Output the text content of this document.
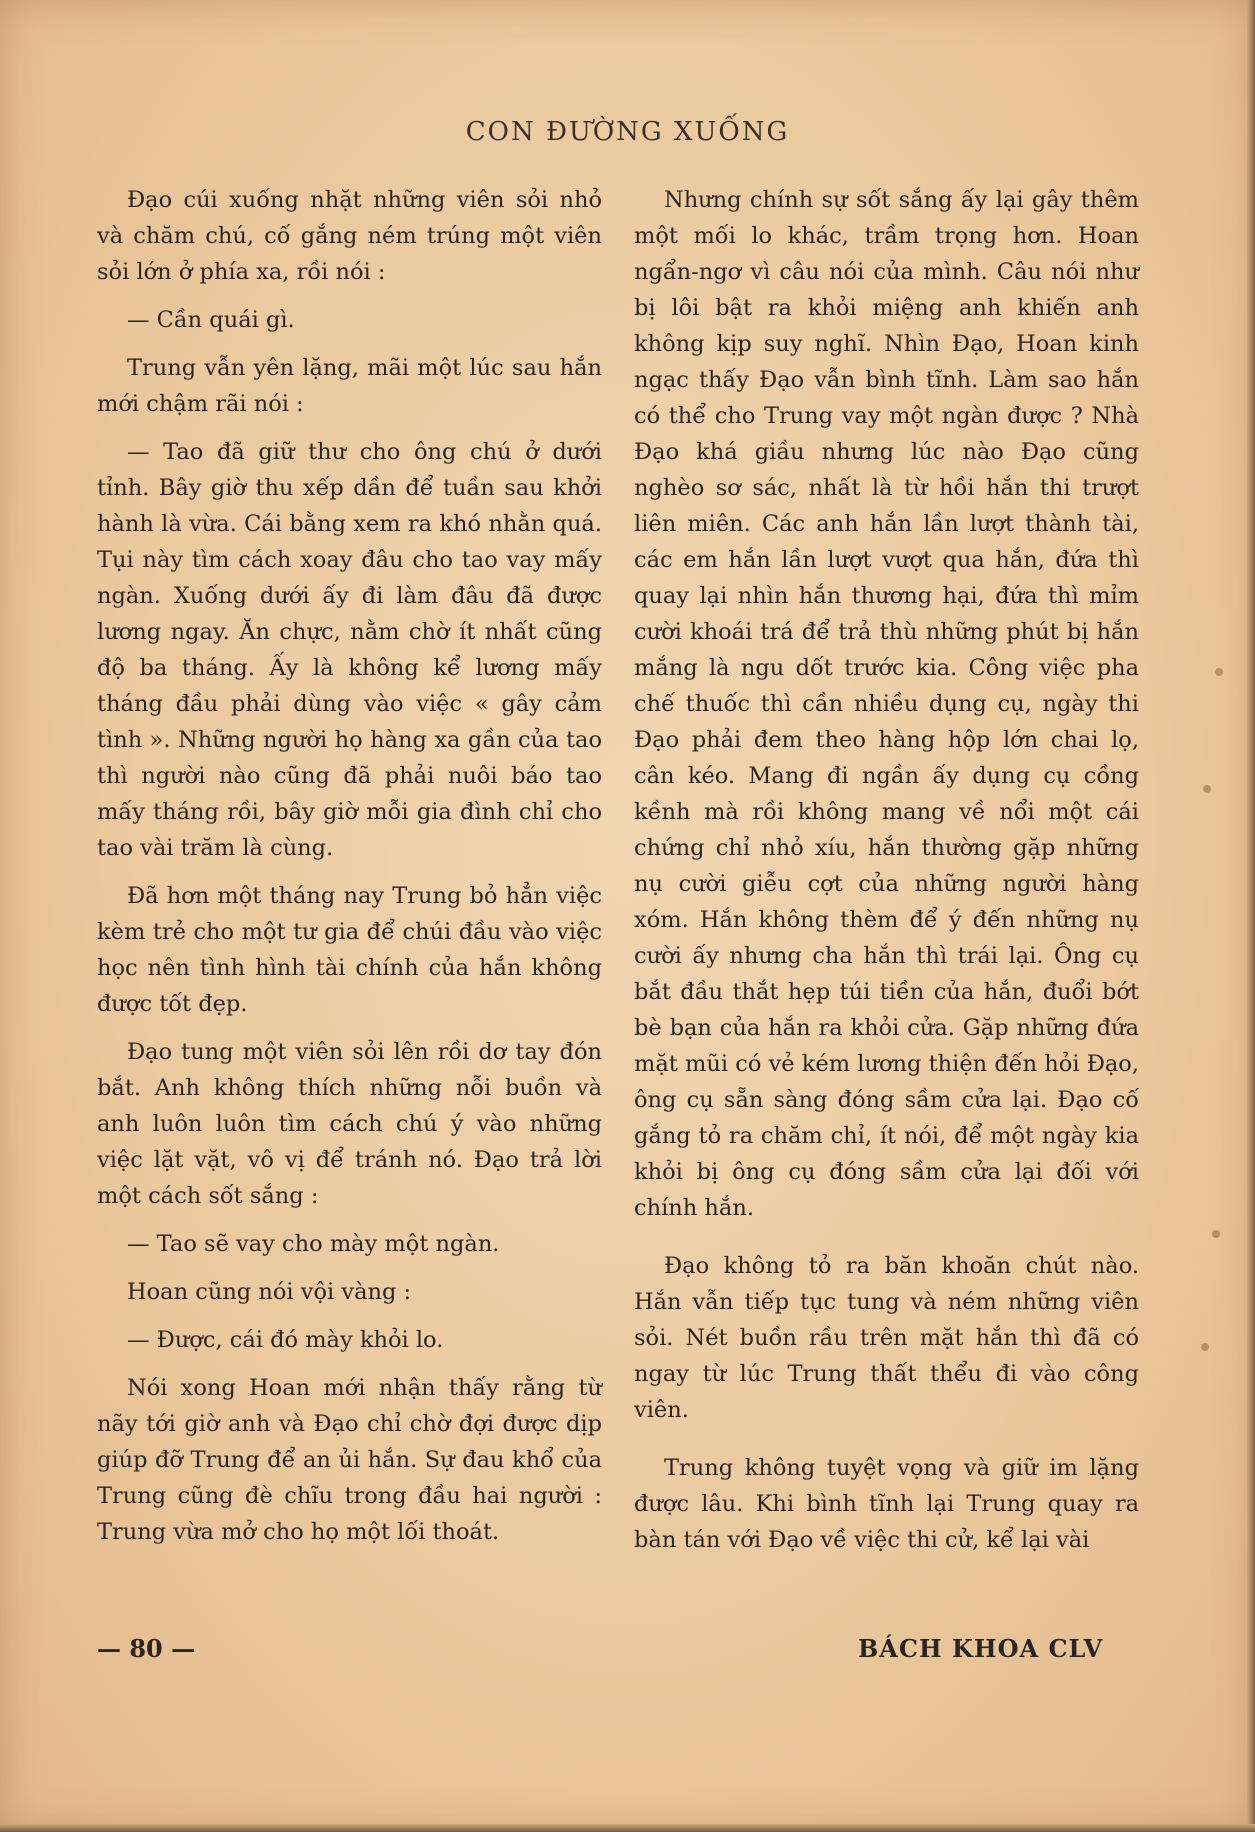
CON ĐƯỜNG XUỐNG

Đạo cúi xuống nhặt những viên sỏi nhỏ và chăm chú, cố gắng ném trúng một viên sỏi lớn ở phía xa, rồi nói :

— Cần quái gì.

Trung vẫn yên lặng, mãi một lúc sau hắn mới chậm rãi nói :

— Tao đã giữ thư cho ông chú ở dưới tỉnh. Bây giờ thu xếp dần để tuần sau khởi hành là vừa. Cái bằng xem ra khó nhằn quá. Tụi này tìm cách xoay đâu cho tao vay mấy ngàn. Xuống dưới ấy đi làm đâu đã được lương ngay. Ăn chực, nằm chờ ít nhất cũng độ ba tháng. Ấy là không kể lương mấy tháng đầu phải dùng vào việc « gây cảm tình ». Những người họ hàng xa gần của tao thì người nào cũng đã phải nuôi báo tao mấy tháng rồi, bây giờ mỗi gia đình chỉ cho tao vài trăm là cùng.

Đã hơn một tháng nay Trung bỏ hẳn việc kèm trẻ cho một tư gia để chúi đầu vào việc học nên tình hình tài chính của hắn không được tốt đẹp.

Đạo tung một viên sỏi lên rồi dơ tay đón bắt. Anh không thích những nỗi buồn và anh luôn luôn tìm cách chú ý vào những việc lặt vặt, vô vị để tránh nó. Đạo trả lời một cách sốt sắng :

— Tao sẽ vay cho mày một ngàn.

Hoan cũng nói vội vàng :

— Được, cái đó mày khỏi lo.

Nói xong Hoan mới nhận thấy rằng từ nãy tới giờ anh và Đạo chỉ chờ đợi được dịp giúp đỡ Trung để an ủi hắn. Sự đau khổ của Trung cũng đè chĩu trong đầu hai người : Trung vừa mở cho họ một lối thoát.

Nhưng chính sự sốt sắng ấy lại gây thêm một mối lo khác, trầm trọng hơn. Hoan ngẩn-ngơ vì câu nói của mình. Câu nói như bị lôi bật ra khỏi miệng anh khiến anh không kịp suy nghĩ. Nhìn Đạo, Hoan kinh ngạc thấy Đạo vẫn bình tĩnh. Làm sao hắn có thể cho Trung vay một ngàn được ? Nhà Đạo khá giầu nhưng lúc nào Đạo cũng nghèo sơ sác, nhất là từ hồi hắn thi trượt liên miên. Các anh hắn lần lượt thành tài, các em hắn lần lượt vượt qua hắn, đứa thì quay lại nhìn hắn thương hại, đứa thì mỉm cười khoái trá để trả thù những phút bị hắn mắng là ngu dốt trước kia. Công việc pha chế thuốc thì cần nhiều dụng cụ, ngày thi Đạo phải đem theo hàng hộp lớn chai lọ, cân kéo. Mang đi ngần ấy dụng cụ cồng kềnh mà rồi không mang về nổi một cái chứng chỉ nhỏ xíu, hắn thường gặp những nụ cười giễu cợt của những người hàng xóm. Hắn không thèm để ý đến những nụ cười ấy nhưng cha hắn thì trái lại. Ông cụ bắt đầu thắt hẹp túi tiền của hắn, đuổi bớt bè bạn của hắn ra khỏi cửa. Gặp những đứa mặt mũi có vẻ kém lương thiện đến hỏi Đạo, ông cụ sẵn sàng đóng sầm cửa lại. Đạo cố gắng tỏ ra chăm chỉ, ít nói, để một ngày kia khỏi bị ông cụ đóng sầm cửa lại đối với chính hắn.

Đạo không tỏ ra băn khoăn chút nào. Hắn vẫn tiếp tục tung và ném những viên sỏi. Nét buồn rầu trên mặt hắn thì đã có ngay từ lúc Trung thất thểu đi vào công viên.

Trung không tuyệt vọng và giữ im lặng được lâu. Khi bình tĩnh lại Trung quay ra bàn tán với Đạo về việc thi cử, kể lại vài

— 80 —	BÁCH KHOA CLV
